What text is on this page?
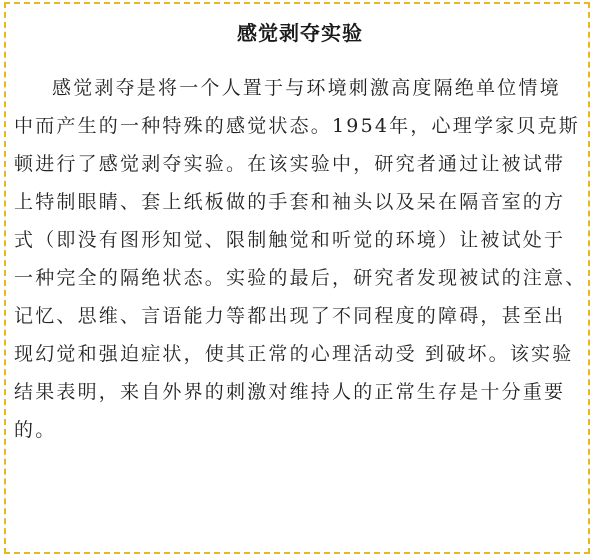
感觉剥夺实验
感觉剥夺是将一个人置于与环境刺激高度隔绝单位情境
中而产生的一种特殊的感觉状态。1954年，心理学家贝克斯
顿进行了感觉剥夺实验。在该实验中，研究者通过让被试带
上特制眼睛、套上纸板做的手套和袖头以及呆在隔音室的方
式（即没有图形知觉、限制触觉和听觉的环境）让被试处于
一种完全的隔绝状态。实验的最后，研究者发现被试的注意、
记忆、思维、言语能力等都出现了不同程度的障碍，甚至出
现幻觉和强迫症状，使其正常的心理活动受 到破坏。该实验
结果表明，来自外界的刺激对维持人的正常生存是十分重要
的。
